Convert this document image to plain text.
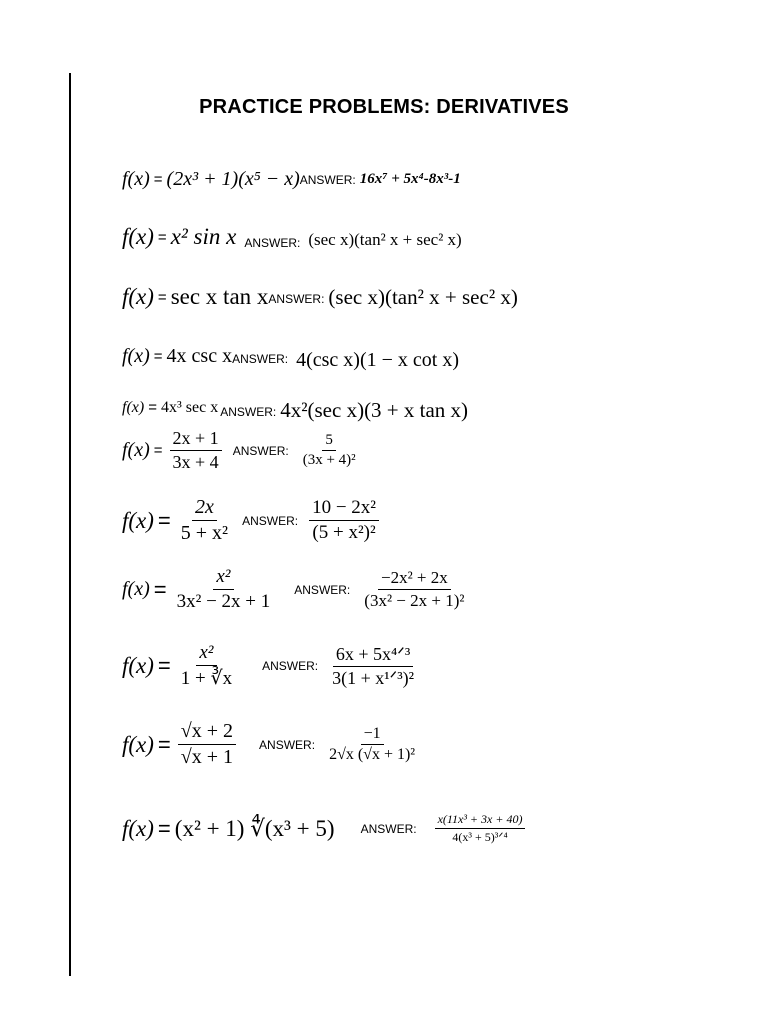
PRACTICE PROBLEMS: DERIVATIVES
f(x) = (2x³ + 1)(x⁵ − x) ANSWER: 16x⁷ + 5x⁴-8x³-1
f(x) = x² sin x ANSWER: (sec x)(tan² x + sec² x)
f(x) = sec x tan x ANSWER: (sec x)(tan² x + sec² x)
f(x) = 4x csc x ANSWER: 4(csc x)(1 − x cot x)
f(x) = 4x³ sec x ANSWER: 4x²(sec x)(3 + x tan x)
$f(x) = \frac{2x + 1}{3x + 4}$ ANSWER: $\frac{5}{\text{(3x + 4)²}}$
$f(x) = \frac{2x}{\text{5 + x²}}$ ANSWER: $\frac{\text{10 − 2x²}}{\text{(5 + x²)²}}$
$f(x) = \frac{\text{x²}}{\text{3x² − 2x + 1}}$ ANSWER: $\frac{\text{−2x² + 2x}}{\text{(3x² − 2x + 1)²}}$
$f(x) = \frac{\text{x²}}{1 + ∛x}$ ANSWER: $\frac{\text{6x + 5x⁴ᐟ³}}{\text{3(1 + x¹ᐟ³)²}}$
$f(x) = \frac{√x + 2}{√x + 1}$ ANSWER: $\frac{-1}{\text{2√x (√x + 1)²}}$
f(x) = (x² + 1) ∜(x³ + 5) ANSWER: $\frac{\text{x(11x³ + 3x + 40)}}{\text{4(x³ + 5)³ᐟ⁴}}$
